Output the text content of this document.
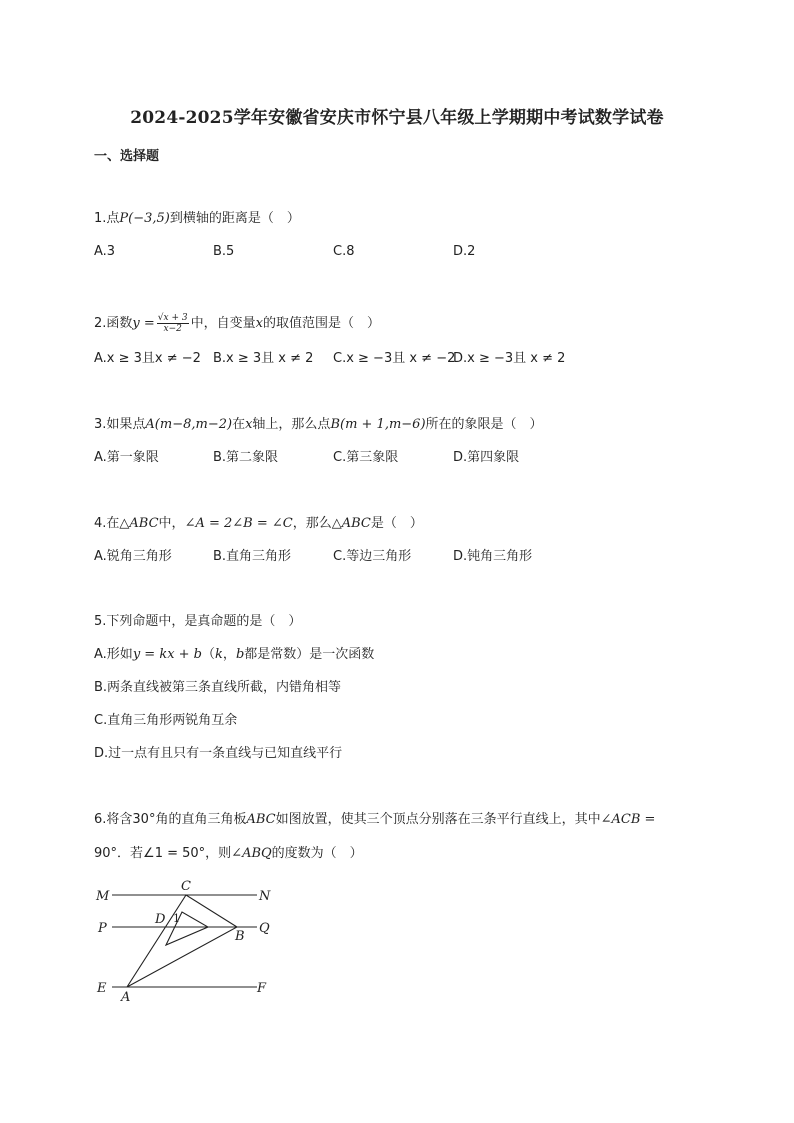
2024-2025学年安徽省安庆市怀宁县八年级上学期期中考试数学试卷
一、选择题
1.点P(−3,5)到横轴的距离是（　）
A.3	B.5	C.8	D.2
2.函数$y = \frac{√x + 3}{x-2}$ 中，自变量x的取值范围是（　）
A.x ≥ 3且x ≠ −2 B.x ≥ 3且 x ≠ 2 C.x ≥ −3且 x ≠ −2
D.x ≥ −3且 x ≠ 2
3.如果点A(m−8,m−2)在x轴上，那么点B(m + 1,m−6)所在的象限是（　）
A.第一象限	B.第二象限	C.第三象限	D.第四象限
4.在△ABC中，∠A = 2∠B = ∠C，那么△ABC是（　）
A.锐角三角形	B.直角三角形	C.等边三角形	D.钝角三角形
5.下列命题中，是真命题的是（　）
A.形如y = kx + b（k，b都是常数）是一次函数
B.两条直线被第三条直线所截，内错角相等
C.直角三角形两锐角互余
D.过一点有且只有一条直线与已知直线平行
6.将含30°角的直角三角板ABC如图放置，使其三个顶点分别落在三条平行直线上，其中∠ACB =
90°．若∠1 = 50°，则∠ABQ的度数为（　）
M	N
P	Q
E	F
A
B
C
D 1
